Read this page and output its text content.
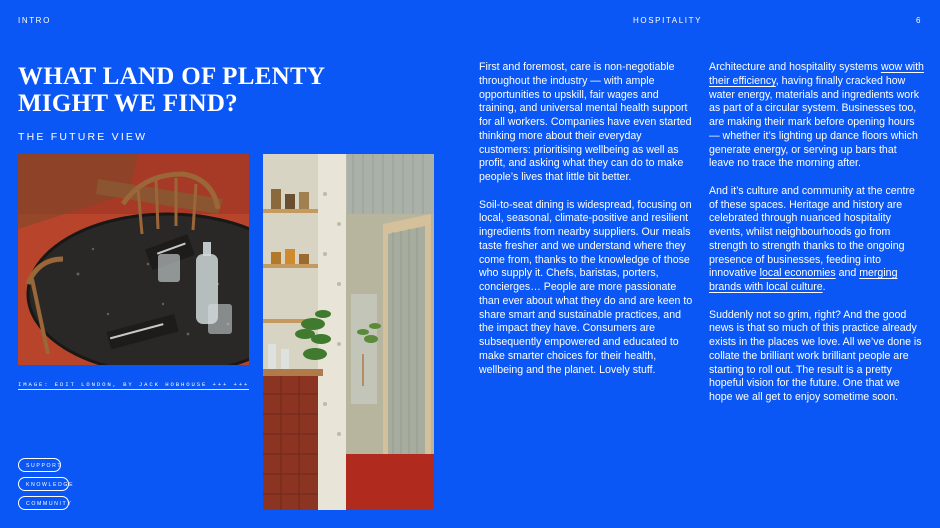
INTRO	HOSPITALITY	6
WHAT LAND OF PLENTY MIGHT WE FIND?
THE FUTURE VIEW
IMAGE: EDIT LONDON, BY JACK HOBHOUSE +++ +++
SUPPORT
KNOWLEDGE
COMMUNITY

First and foremost, care is non-negotiable throughout the industry — with ample opportunities to upskill, fair wages and training, and universal mental health support for all workers. Companies have even started thinking more about their everyday customers: prioritising wellbeing as well as profit, and asking what they can do to make people’s lives that little bit better.

Soil-to-seat dining is widespread, focusing on local, seasonal, climate-positive and resilient ingredients from nearby suppliers. Our meals taste fresher and we understand where they come from, thanks to the knowledge of those who supply it. Chefs, baristas, porters, concierges… People are more passionate than ever about what they do and are keen to share smart and sustainable practices, and the impact they have. Consumers are subsequently empowered and educated to make smarter choices for their health, wellbeing and the planet. Lovely stuff.

Architecture and hospitality systems wow with their efficiency, having finally cracked how water energy, materials and ingredients work as part of a circular system. Businesses too, are making their mark before opening hours — whether it’s lighting up dance floors which generate energy, or serving up bars that leave no trace the morning after.

And it’s culture and community at the centre of these spaces. Heritage and history are celebrated through nuanced hospitality events, whilst neighbourhoods go from strength to strength thanks to the ongoing presence of businesses, feeding into innovative local economies and merging brands with local culture.

Suddenly not so grim, right? And the good news is that so much of this practice already exists in the places we love. All we’ve done is collate the brilliant work brilliant people are starting to roll out. The result is a pretty hopeful vision for the future. One that we hope we all get to enjoy sometime soon.
